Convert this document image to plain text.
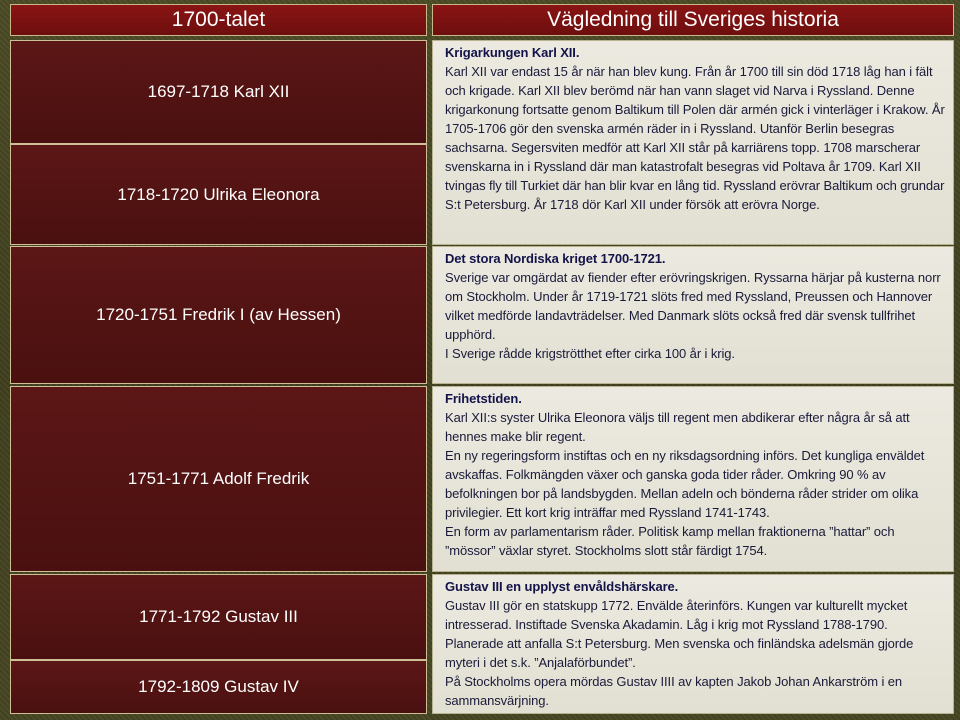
1700-talet
1697-1718 Karl XII
1718-1720 Ulrika Eleonora
1720-1751 Fredrik I (av Hessen)
1751-1771 Adolf Fredrik
1771-1792 Gustav III
1792-1809 Gustav IV
Vägledning till Sveriges historia

Krigarkungen Karl XII.

Karl XII var endast 15 år när han blev kung. Från år 1700 till sin död 1718 låg han i fält och krigade. Karl XII blev berömd när han vann slaget vid Narva i Ryssland. Denne krigarkonung fortsatte genom Baltikum till Polen där armén gick i vinterläger i Krakow. År 1705-1706 gör den svenska armén räder in i Ryssland. Utanför Berlin besegras sachsarna. Segersviten medför att Karl XII står på karriärens topp. 1708 marscherar svenskarna in i Ryssland där man katastrofalt besegras vid Poltava år 1709. Karl XII tvingas fly till Turkiet där han blir kvar en lång tid. Ryssland erövrar Baltikum och grundar S:t Petersburg. År 1718 dör Karl XII under försök att erövra Norge.

Det stora Nordiska kriget 1700-1721.

Sverige var omgärdat av fiender efter erövringskrigen. Ryssarna härjar på kusterna norr om Stockholm. Under år 1719-1721 slöts fred med Ryssland, Preussen och Hannover vilket medförde landavträdelser. Med Danmark slöts också fred där svensk tullfrihet upphörd.

I Sverige rådde krigströtthet efter cirka 100 år i krig.

Frihetstiden.

Karl XII:s syster Ulrika Eleonora väljs till regent men abdikerar efter några år så att hennes make blir regent.

En ny regeringsform instiftas och en ny riksdagsordning införs. Det kungliga enväldet avskaffas. Folkmängden växer och ganska goda tider råder. Omkring 90 % av befolkningen bor på landsbygden. Mellan adeln och bönderna råder strider om olika privilegier. Ett kort krig inträffar med Ryssland 1741-1743.

En form av parlamentarism råder. Politisk kamp mellan fraktionerna ”hattar” och ”mössor” växlar styret. Stockholms slott står färdigt 1754.

Gustav III en upplyst envåldshärskare.

Gustav III gör en statskupp 1772. Envälde återinförs. Kungen var kulturellt mycket intresserad. Instiftade Svenska Akadamin. Låg i krig mot Ryssland 1788-1790. Planerade att anfalla S:t Petersburg. Men svenska och finländska adelsmän gjorde myteri i det s.k. ”Anjalaförbundet”.

På Stockholms opera mördas Gustav IIII av kapten Jakob Johan Ankarström i en sammansvärjning.
